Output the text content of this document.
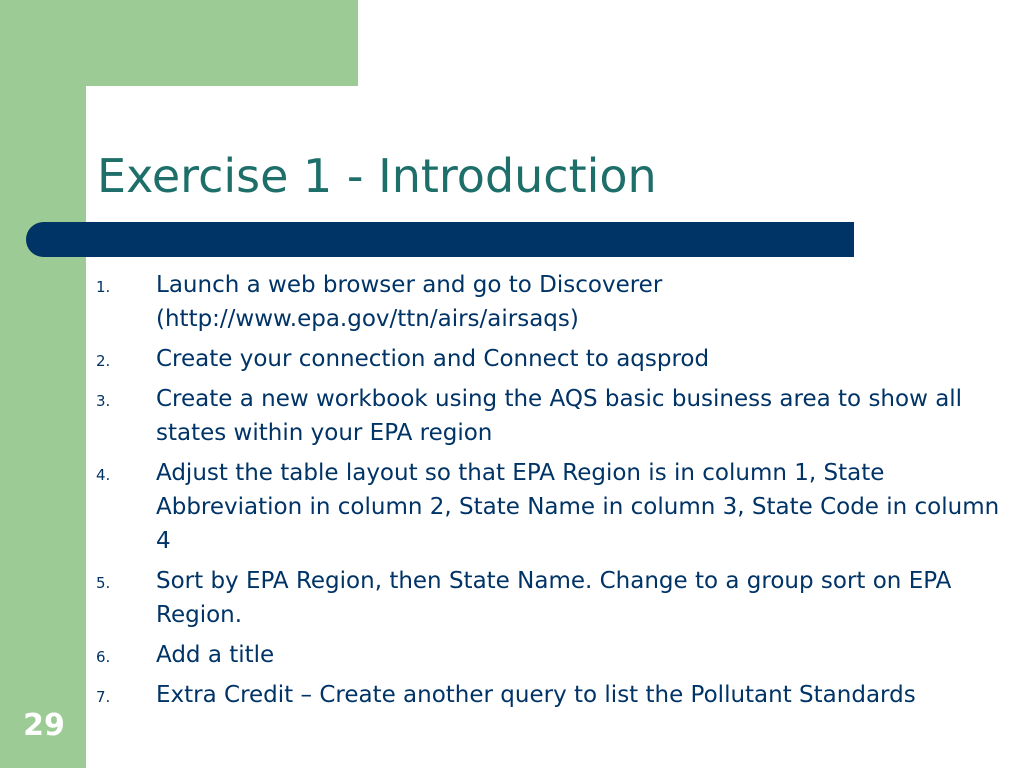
Exercise 1 - Introduction
1. Launch a web browser and go to Discoverer (http://www.epa.gov/ttn/airs/airsaqs)
2. Create your connection and Connect to aqsprod
3. Create a new workbook using the AQS basic business area to show all states within your EPA region
4. Adjust the table layout so that EPA Region is in column 1, State Abbreviation in column 2, State Name in column 3, State Code in column 4
5. Sort by EPA Region, then State Name. Change to a group sort on EPA Region.
6. Add a title
7. Extra Credit – Create another query to list the Pollutant Standards
29
